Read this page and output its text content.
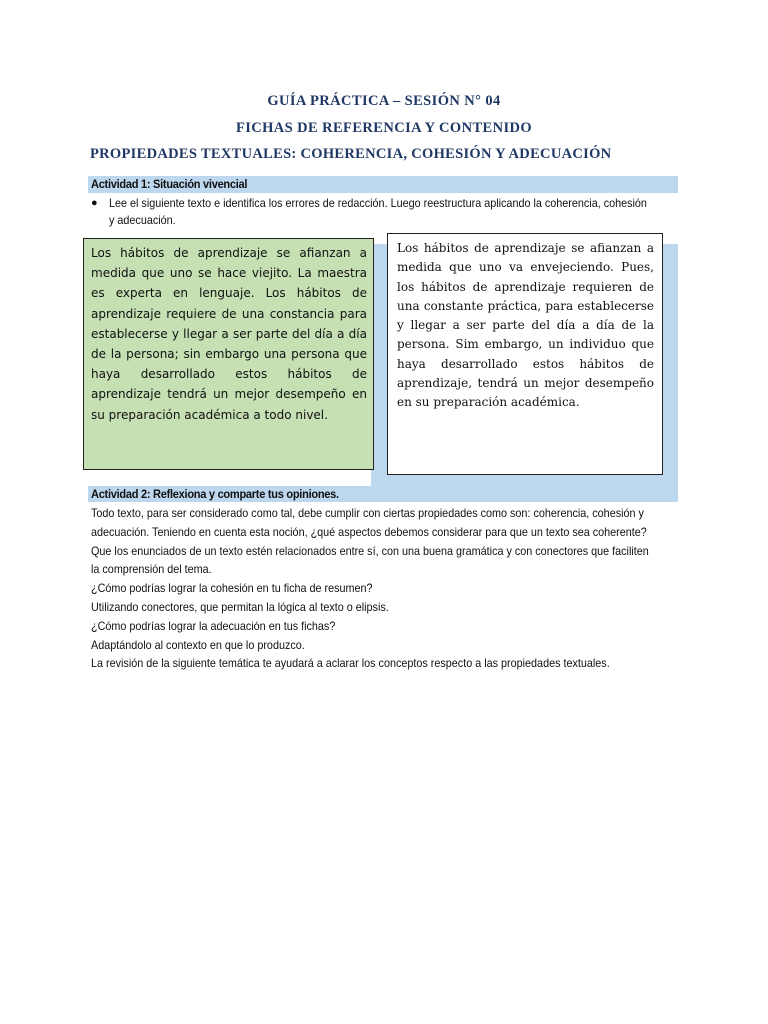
GUÍA PRÁCTICA – SESIÓN N° 04
FICHAS DE REFERENCIA Y CONTENIDO
PROPIEDADES TEXTUALES: COHERENCIA, COHESIÓN Y ADECUACIÓN
Actividad 1: Situación vivencial
● Lee el siguiente texto e identifica los errores de redacción. Luego reestructura aplicando la coherencia, cohesión
y adecuación.

Los hábitos de aprendizaje se afianzan a medida que uno se hace viejito. La maestra es experta en lenguaje. Los hábitos de aprendizaje requiere de una constancia para establecerse y llegar a ser parte del día a día de la persona; sin embargo una persona que haya desarrollado estos hábitos de aprendizaje tendrá un mejor desempeño en su preparación académica a todo nivel.

Los hábitos de aprendizaje se afianzan a medida que uno va envejeciendo. Pues, los hábitos de aprendizaje requieren de una constante práctica, para establecerse y llegar a ser parte del día a día de la persona. Sim embargo, un individuo que haya desarrollado estos hábitos de aprendizaje, tendrá un mejor desempeño en su preparación académica.

Actividad 2: Reflexiona y comparte tus opiniones.
Todo texto, para ser considerado como tal, debe cumplir con ciertas propiedades como son: coherencia, cohesión y
adecuación. Teniendo en cuenta esta noción, ¿qué aspectos debemos considerar para que un texto sea coherente?
Que los enunciados de un texto estén relacionados entre sí, con una buena gramática y con conectores que faciliten
la comprensión del tema.
¿Cómo podrías lograr la cohesión en tu ficha de resumen?
Utilizando conectores, que permitan la lógica al texto o elipsis.
¿Cómo podrías lograr la adecuación en tus fichas?
Adaptándolo al contexto en que lo produzco.
La revisión de la siguiente temática te ayudará a aclarar los conceptos respecto a las propiedades textuales.
